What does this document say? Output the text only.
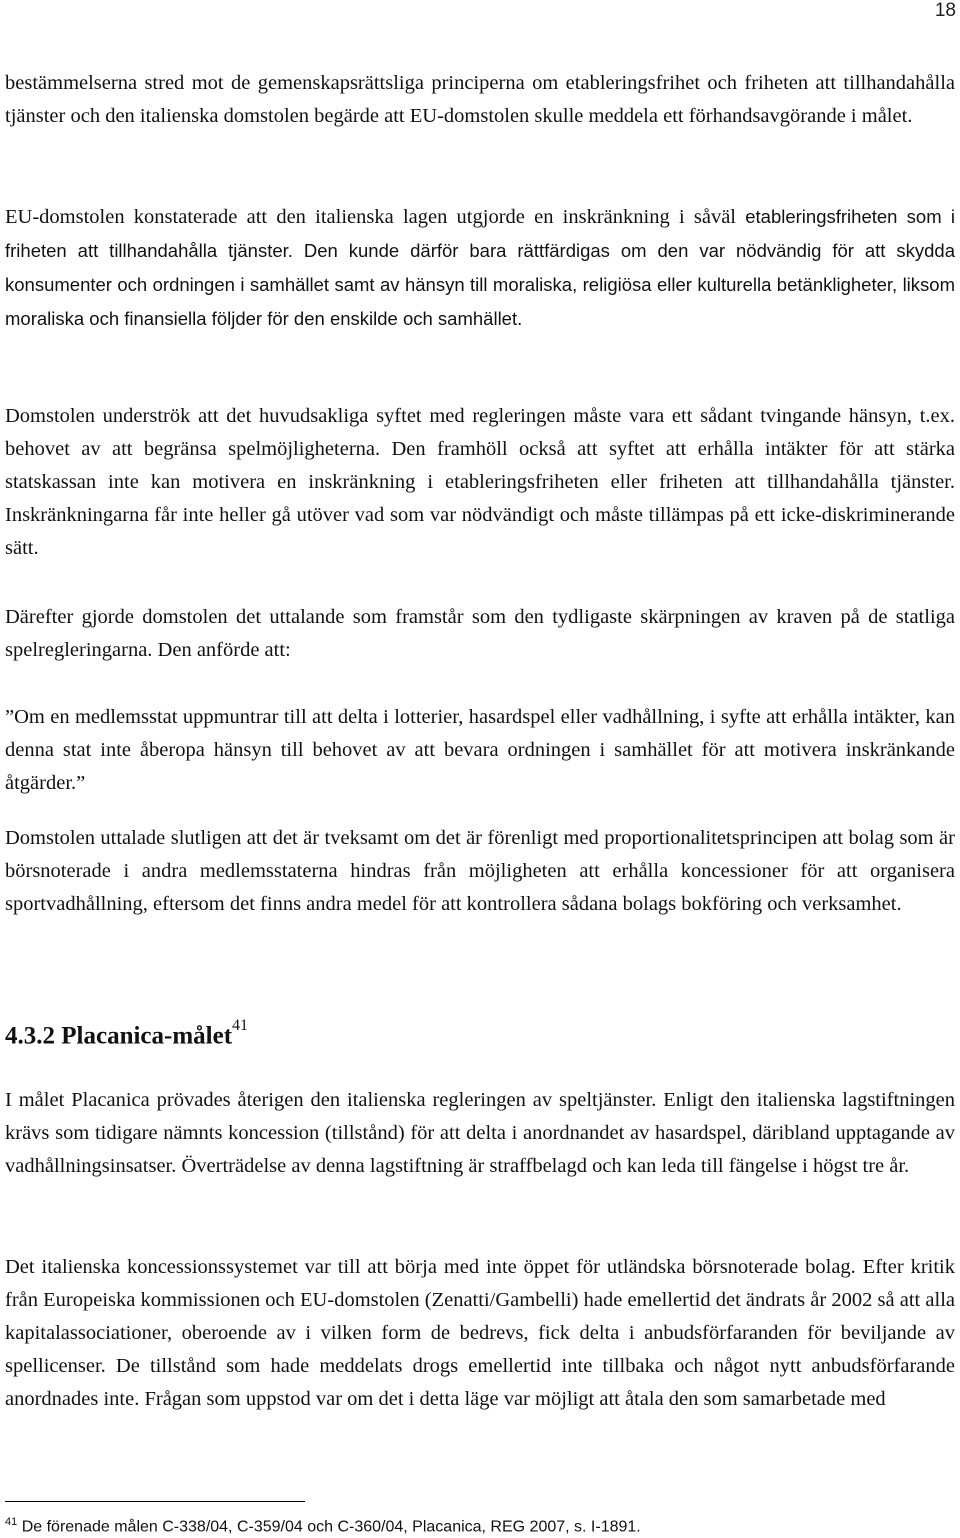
18

bestämmelserna stred mot de gemenskapsrättsliga principerna om etableringsfrihet och friheten att tillhandahålla tjänster och den italienska domstolen begärde att EU-domstolen skulle meddela ett förhandsavgörande i målet.

EU-domstolen konstaterade att den italienska lagen utgjorde en inskränkning i såväl etableringsfriheten som i friheten att tillhandahålla tjänster. Den kunde därför bara rättfärdigas om den var nödvändig för att skydda konsumenter och ordningen i samhället samt av hänsyn till moraliska, religiösa eller kulturella betänkligheter, liksom moraliska och finansiella följder för den enskilde och samhället.

Domstolen underströk att det huvudsakliga syftet med regleringen måste vara ett sådant tvingande hänsyn, t.ex. behovet av att begränsa spelmöjligheterna. Den framhöll också att syftet att erhålla intäkter för att stärka statskassan inte kan motivera en inskränkning i etableringsfriheten eller friheten att tillhandahålla tjänster. Inskränkningarna får inte heller gå utöver vad som var nödvändigt och måste tillämpas på ett icke-diskriminerande sätt.

Därefter gjorde domstolen det uttalande som framstår som den tydligaste skärpningen av kraven på de statliga spelregleringarna. Den anförde att:

”Om en medlemsstat uppmuntrar till att delta i lotterier, hasardspel eller vadhållning, i syfte att erhålla intäkter, kan denna stat inte åberopa hänsyn till behovet av att bevara ordningen i samhället för att motivera inskränkande åtgärder.”

Domstolen uttalade slutligen att det är tveksamt om det är förenligt med proportionalitetsprincipen att bolag som är börsnoterade i andra medlemsstaterna hindras från möjligheten att erhålla koncessioner för att organisera sportvadhållning, eftersom det finns andra medel för att kontrollera sådana bolags bokföring och verksamhet.

4.3.2 Placanica-målet$^{41}$

I målet Placanica prövades återigen den italienska regleringen av speltjänster. Enligt den italienska lagstiftningen krävs som tidigare nämnts koncession (tillstånd) för att delta i anordnandet av hasardspel, däribland upptagande av vadhållningsinsatser. Överträdelse av denna lagstiftning är straffbelagd och kan leda till fängelse i högst tre år.

Det italienska koncessionssystemet var till att börja med inte öppet för utländska börsnoterade bolag. Efter kritik från Europeiska kommissionen och EU-domstolen (Zenatti/Gambelli) hade emellertid det ändrats år 2002 så att alla kapitalassociationer, oberoende av i vilken form de bedrevs, fick delta i anbudsförfaranden för beviljande av spellicenser. De tillstånd som hade meddelats drogs emellertid inte tillbaka och något nytt anbudsförfarande anordnades inte. Frågan som uppstod var om det i detta läge var möjligt att åtala den som samarbetade med

$^{41}$ De förenade målen C-338/04, C-359/04 och C-360/04, Placanica, REG 2007, s. I-1891.
